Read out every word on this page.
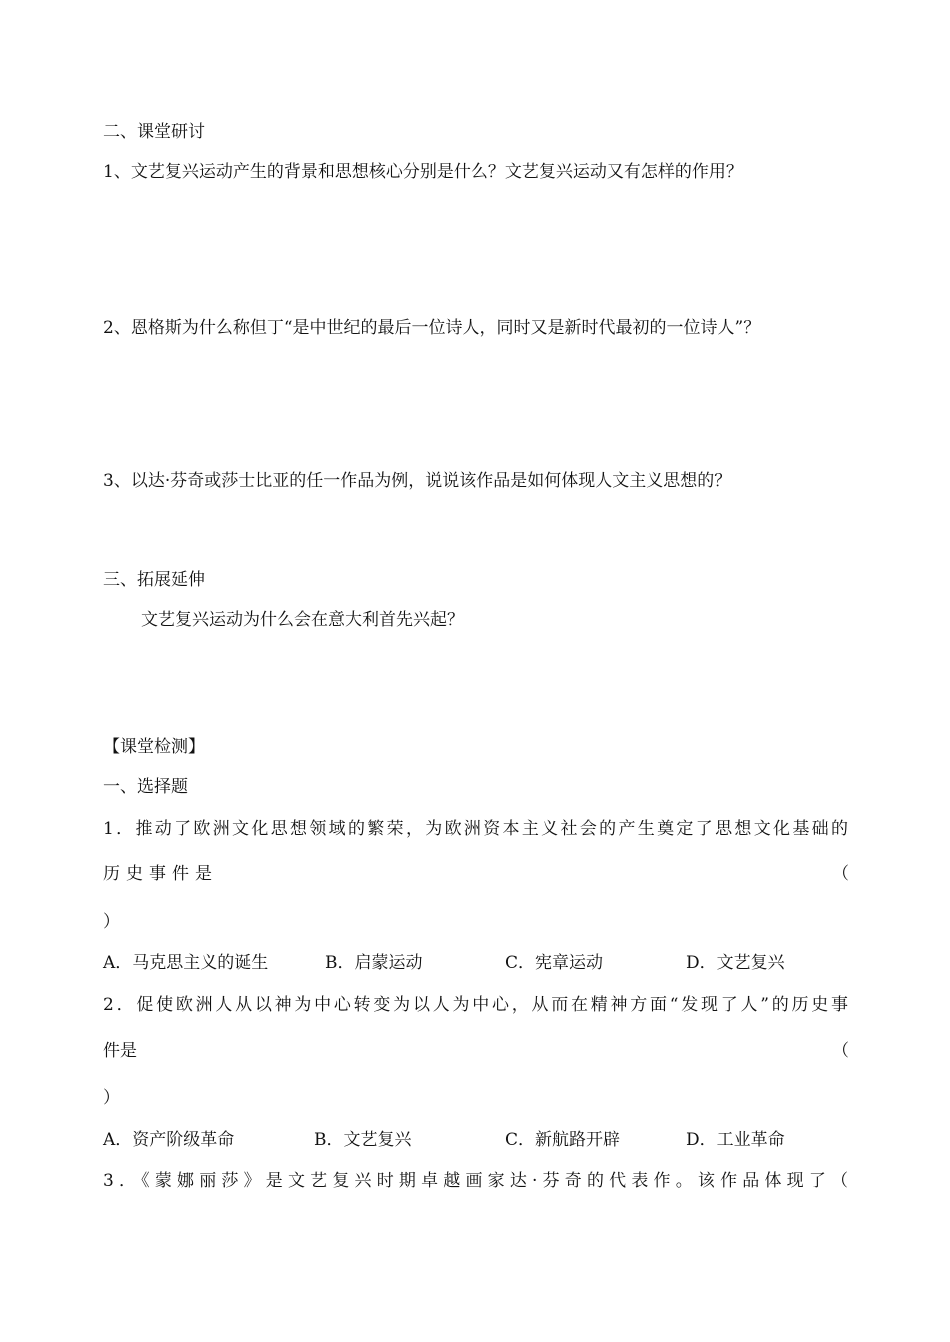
二、课堂研讨
1、文艺复兴运动产生的背景和思想核心分别是什么？文艺复兴运动又有怎样的作用？
2、恩格斯为什么称但丁“是中世纪的最后一位诗人，同时又是新时代最初的一位诗人”？
3、以达·芬奇或莎士比亚的任一作品为例，说说该作品是如何体现人文主义思想的？
三、拓展延伸
文艺复兴运动为什么会在意大利首先兴起？
【课堂检测】
一、选择题
1．推动了欧洲文化思想领域的繁荣，为欧洲资本主义社会的产生奠定了思想文化基础的
历史事件是	（
）
A．马克思主义的诞生	B．启蒙运动	C．宪章运动	D．文艺复兴
2．促使欧洲人从以神为中心转变为以人为中心，从而在精神方面“发现了人”的历史事
件是	（
）
A．资产阶级革命	B．文艺复兴	C．新航路开辟	D．工业革命
3．《蒙娜丽莎》是文艺复兴时期卓越画家达·芬奇的代表作。该作品体现了（
